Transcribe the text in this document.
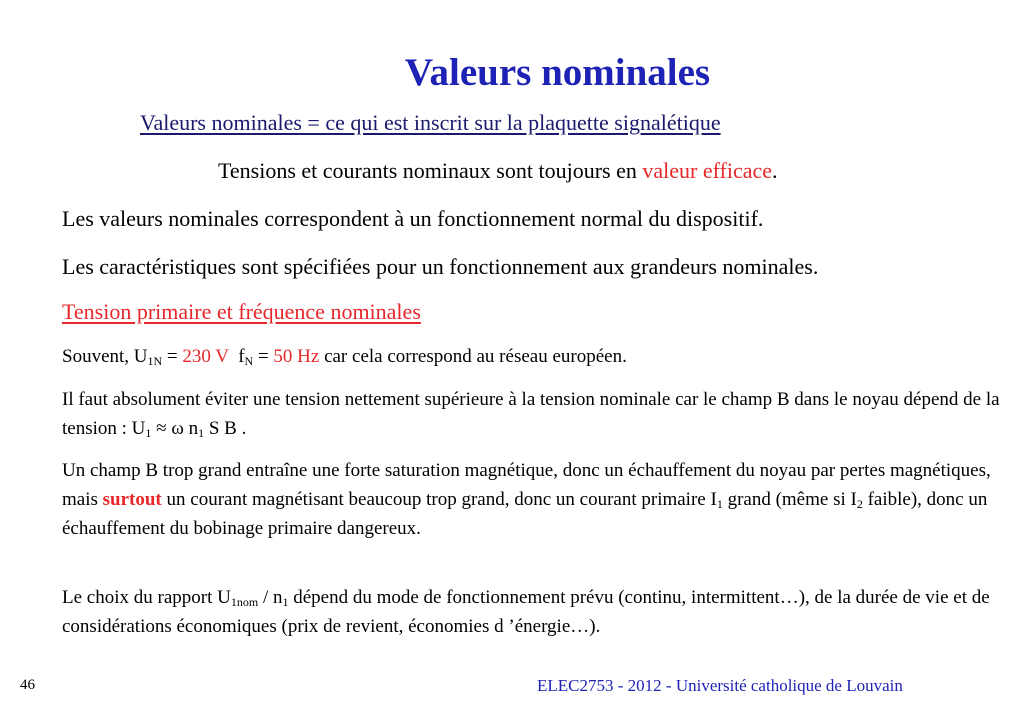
Valeurs nominales
Valeurs nominales = ce qui est inscrit sur la plaquette signalétique
Tensions et courants nominaux sont toujours en valeur efficace.
Les valeurs nominales correspondent à un fonctionnement normal du dispositif.
Les caractéristiques sont spécifiées pour un fonctionnement aux grandeurs nominales.
Tension primaire et fréquence nominales
Souvent, $U_{1N} = 230$ V  $f_N = 50$ Hz car cela correspond au réseau européen.
Il faut absolument éviter une tension nettement supérieure à la tension nominale car le champ B dans le noyau dépend de la tension : $U_1 \approx \omega$ $n_1$ S B .
Un champ B trop grand entraîne une forte saturation magnétique, donc un échauffement du noyau par pertes magnétiques, mais surtout un courant magnétisant beaucoup trop grand, donc un courant primaire $I_1$ grand (même si $I_2$ faible), donc un échauffement du bobinage primaire dangereux.
Le choix du rapport $U_{1nom} / n_1$ dépend du mode de fonctionnement prévu (continu, intermittent…), de la durée de vie et de considérations économiques (prix de revient, économies d ’énergie…).
46	ELEC2753 - 2012 - Université catholique de Louvain
